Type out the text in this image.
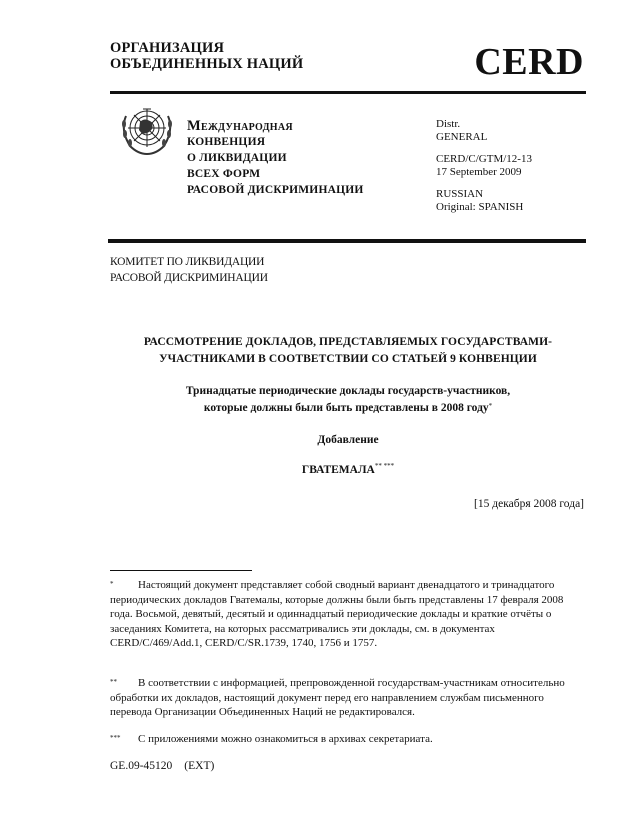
ОРГАНИЗАЦИЯ
ОБЪЕДИНЕННЫХ НАЦИЙ	CERD
Международная
КОНВЕНЦИЯ
О ЛИКВИДАЦИИ
ВСЕХ ФОРМ
РАСОВОЙ ДИСКРИМИНАЦИИ
Distr.
GENERAL
CERD/C/GTM/12-13
17 September 2009
RUSSIAN
Original: SPANISH
КОМИТЕТ ПО ЛИКВИДАЦИИ
РАСОВОЙ ДИСКРИМИНАЦИИ
РАССМОТРЕНИЕ ДОКЛАДОВ, ПРЕДСТАВЛЯЕМЫХ ГОСУДАРСТВАМИ-
УЧАСТНИКАМИ В СООТВЕТСТВИИ СО СТАТЬЕЙ 9 КОНВЕНЦИИ
Тринадцатые периодические доклады государств-участников,
которые должны были быть представлены в 2008 году*
Добавление
ГВАТЕМАЛА** ***
[15 декабря 2008 года]
* Настоящий документ представляет собой сводный вариант двенадцатого и тринадцатого периодических докладов Гватемалы, которые должны были быть представлены 17 февраля 2008 года. Восьмой, девятый, десятый и одиннадцатый периодические доклады и краткие отчёты о заседаниях Комитета, на которых рассматривались эти доклады, см. в документах CERD/C/469/Add.1, CERD/C/SR.1739, 1740, 1756 и 1757.
** В соответствии с информацией, препровожденной государствам-участникам относительно обработки их докладов, настоящий документ перед его направлением службам письменного перевода Организации Объединенных Наций не редактировался.
*** С приложениями можно ознакомиться в архивах секретариата.
GE.09-45120 (EXT)
